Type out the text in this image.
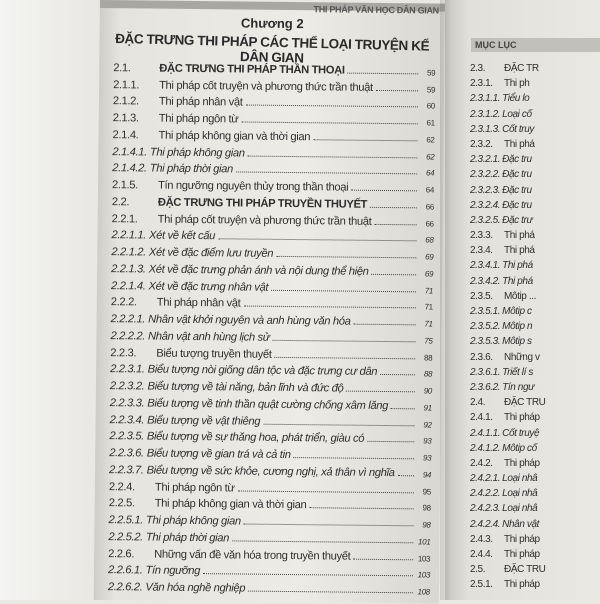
THI PHÁP VĂN HỌC DÂN GIAN
Chương 2
ĐẶC TRƯNG THI PHÁP CÁC THỂ LOẠI TRUYỆN KỂ DÂN GIAN
2.1.	ĐẶC TRƯNG THI PHÁP THẦN THOẠI	59
2.1.1.	Thi pháp cốt truyện và phương thức trần thuật	59
2.1.2.	Thi pháp nhân vật	60
2.1.3.	Thi pháp ngôn từ	61
2.1.4.	Thi pháp không gian và thời gian	62
2.1.4.1. Thi pháp không gian	62
2.1.4.2. Thi pháp thời gian	64
2.1.5.	Tín ngưỡng nguyên thủy trong thần thoại	64
2.2.	ĐẶC TRƯNG THI PHÁP TRUYỀN THUYẾT	66
2.2.1.	Thi pháp cốt truyện và phương thức trần thuật	66
2.2.1.1. Xét về kết cấu	68
2.2.1.2. Xét về đặc điểm lưu truyền	69
2.2.1.3. Xét về đặc trưng phản ánh và nội dung thể hiện	69
2.2.1.4. Xét về đặc trưng nhân vật	71
2.2.2.	Thi pháp nhân vật	71
2.2.2.1. Nhân vật khởi nguyên và anh hùng văn hóa	71
2.2.2.2. Nhân vật anh hùng lịch sử	75
2.2.3.	Biểu tượng truyền thuyết	88
2.2.3.1. Biểu tượng nòi giống dân tộc và đặc trưng cư dân	88
2.2.3.2. Biểu tượng về tài năng, bản lĩnh và đức độ	90
2.2.3.3. Biểu tượng về tinh thần quật cường chống xâm lăng	91
2.2.3.4. Biểu tượng về vật thiêng	92
2.2.3.5. Biểu tượng về sự thăng hoa, phát triển, giàu có	93
2.2.3.6. Biểu tượng về gian trá và cả tin	93
2.2.3.7. Biểu tượng về sức khỏe, cương nghị, xả thân vì nghĩa	94
2.2.4.	Thi pháp ngôn từ	95
2.2.5.	Thi pháp không gian và thời gian	98
2.2.5.1. Thi pháp không gian	98
2.2.5.2. Thi pháp thời gian	101
2.2.6.	Những vấn đề văn hóa trong truyền thuyết	103
2.2.6.1. Tín ngưỡng	103
2.2.6.2. Văn hóa nghề nghiệp	108
MỤC LỤC
2.3. ĐẶC TR
2.3.1. Thi ph
2.3.1.1. Tiểu lo
2.3.1.2. Loại cố
2.3.1.3. Cốt truy
2.3.2. Thi phá
2.3.2.1. Đặc tru
2.3.2.2. Đặc tru
2.3.2.3. Đặc tru
2.3.2.4. Đặc tru
2.3.2.5. Đặc trư
2.3.3. Thi phá
2.3.4. Thi phá
2.3.4.1. Thi phá
2.3.4.2. Thi phá
2.3.5. Môtip ...
2.3.5.1. Môtip c
2.3.5.2. Môtip n
2.3.5.3. Môtip s
2.3.6. Những v
2.3.6.1. Triết lí s
2.3.6.2. Tín ngư
2.4. ĐẶC TRU
2.4.1. Thi pháp
2.4.1.1. Cốt truyệ
2.4.1.2. Môtip cố
2.4.2. Thi pháp
2.4.2.1. Loại nhâ
2.4.2.2. Loại nhâ
2.4.2.3. Loại nhâ
2.4.2.4. Nhân vật
2.4.3. Thi pháp
2.4.4. Thi pháp
2.5. ĐẶC TRU
2.5.1. Thi pháp
